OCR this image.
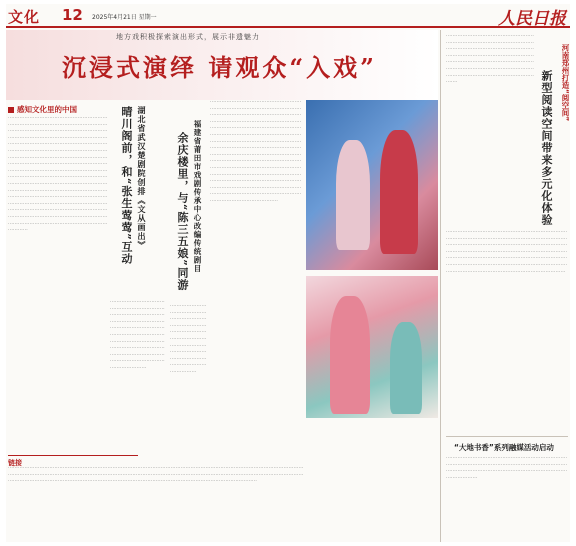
文化 12 2025年4月21日 星期一	人民日报
地方戏积极探索演出形式，展示非遗魅力
沉浸式演绎 请观众“入戏”
感知文化里的中国
········································································································································································································································································································································································································································································································································································································································································································································································································································································································································································································································································	湖北省武汉楚剧院创排《文从画出》
晴川阁前，和“张生莺莺”互动
································································································································································································································································································································································
福建省莆田市戏剧传承中心改编传统剧目
余庆楼里，与“陈三五娘”同游
··································································································································································································································································································································································································································································································································································································································································································································································································································································································
············································································································································································································································
··························································································································································································································································································································································································································································································································
链接
河南郑州打造“阅空间”
新型阅读空间带来多元化体验
··························································································································································································································································································································································································
······························································································································································································································································································································································································································································································································
“大地书香”系列融媒活动启动
··············································································································································································································································
